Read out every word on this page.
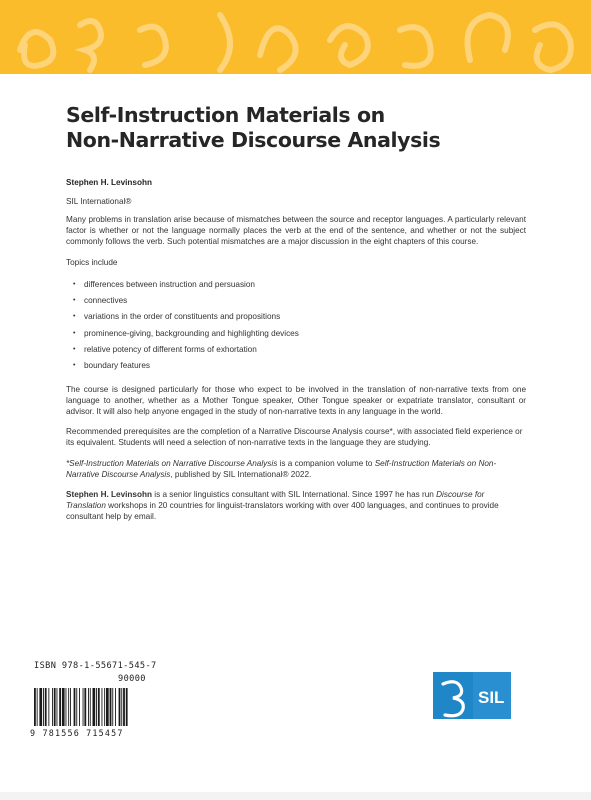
Self-Instruction Materials on
Non-Narrative Discourse Analysis
Stephen H. Levinsohn
SIL International®

Many problems in translation arise because of mismatches between the source and receptor languages. A particularly relevant factor is whether or not the language normally places the verb at the end of the sentence, and whether or not the subject commonly follows the verb. Such potential mismatches are a major discussion in the eight chapters of this course.

Topics include

• differences between instruction and persuasion
• connectives
• variations in the order of constituents and propositions
• prominence-giving, backgrounding and highlighting devices
• relative potency of different forms of exhortation
• boundary features

The course is designed particularly for those who expect to be involved in the translation of non-narrative texts from one language to another, whether as a Mother Tongue speaker, Other Tongue speaker or expatriate translator, consultant or advisor. It will also help anyone engaged in the study of non-narrative texts in any language in the world.

Recommended prerequisites are the completion of a Narrative Discourse Analysis course*, with associated field experience or its equivalent. Students will need a selection of non-narrative texts in the language they are studying.

*Self-Instruction Materials on Narrative Discourse Analysis is a companion volume to Self-Instruction Materials on Non-Narrative Discourse Analysis, published by SIL International® 2022.

Stephen H. Levinsohn is a senior linguistics consultant with SIL International. Since 1997 he has run Discourse for Translation workshops in 20 countries for linguist-translators working with over 400 languages, and continues to provide consultant help by email.

ISBN 978-1-55671-545-7
90000
9 781556 715457
SIL
